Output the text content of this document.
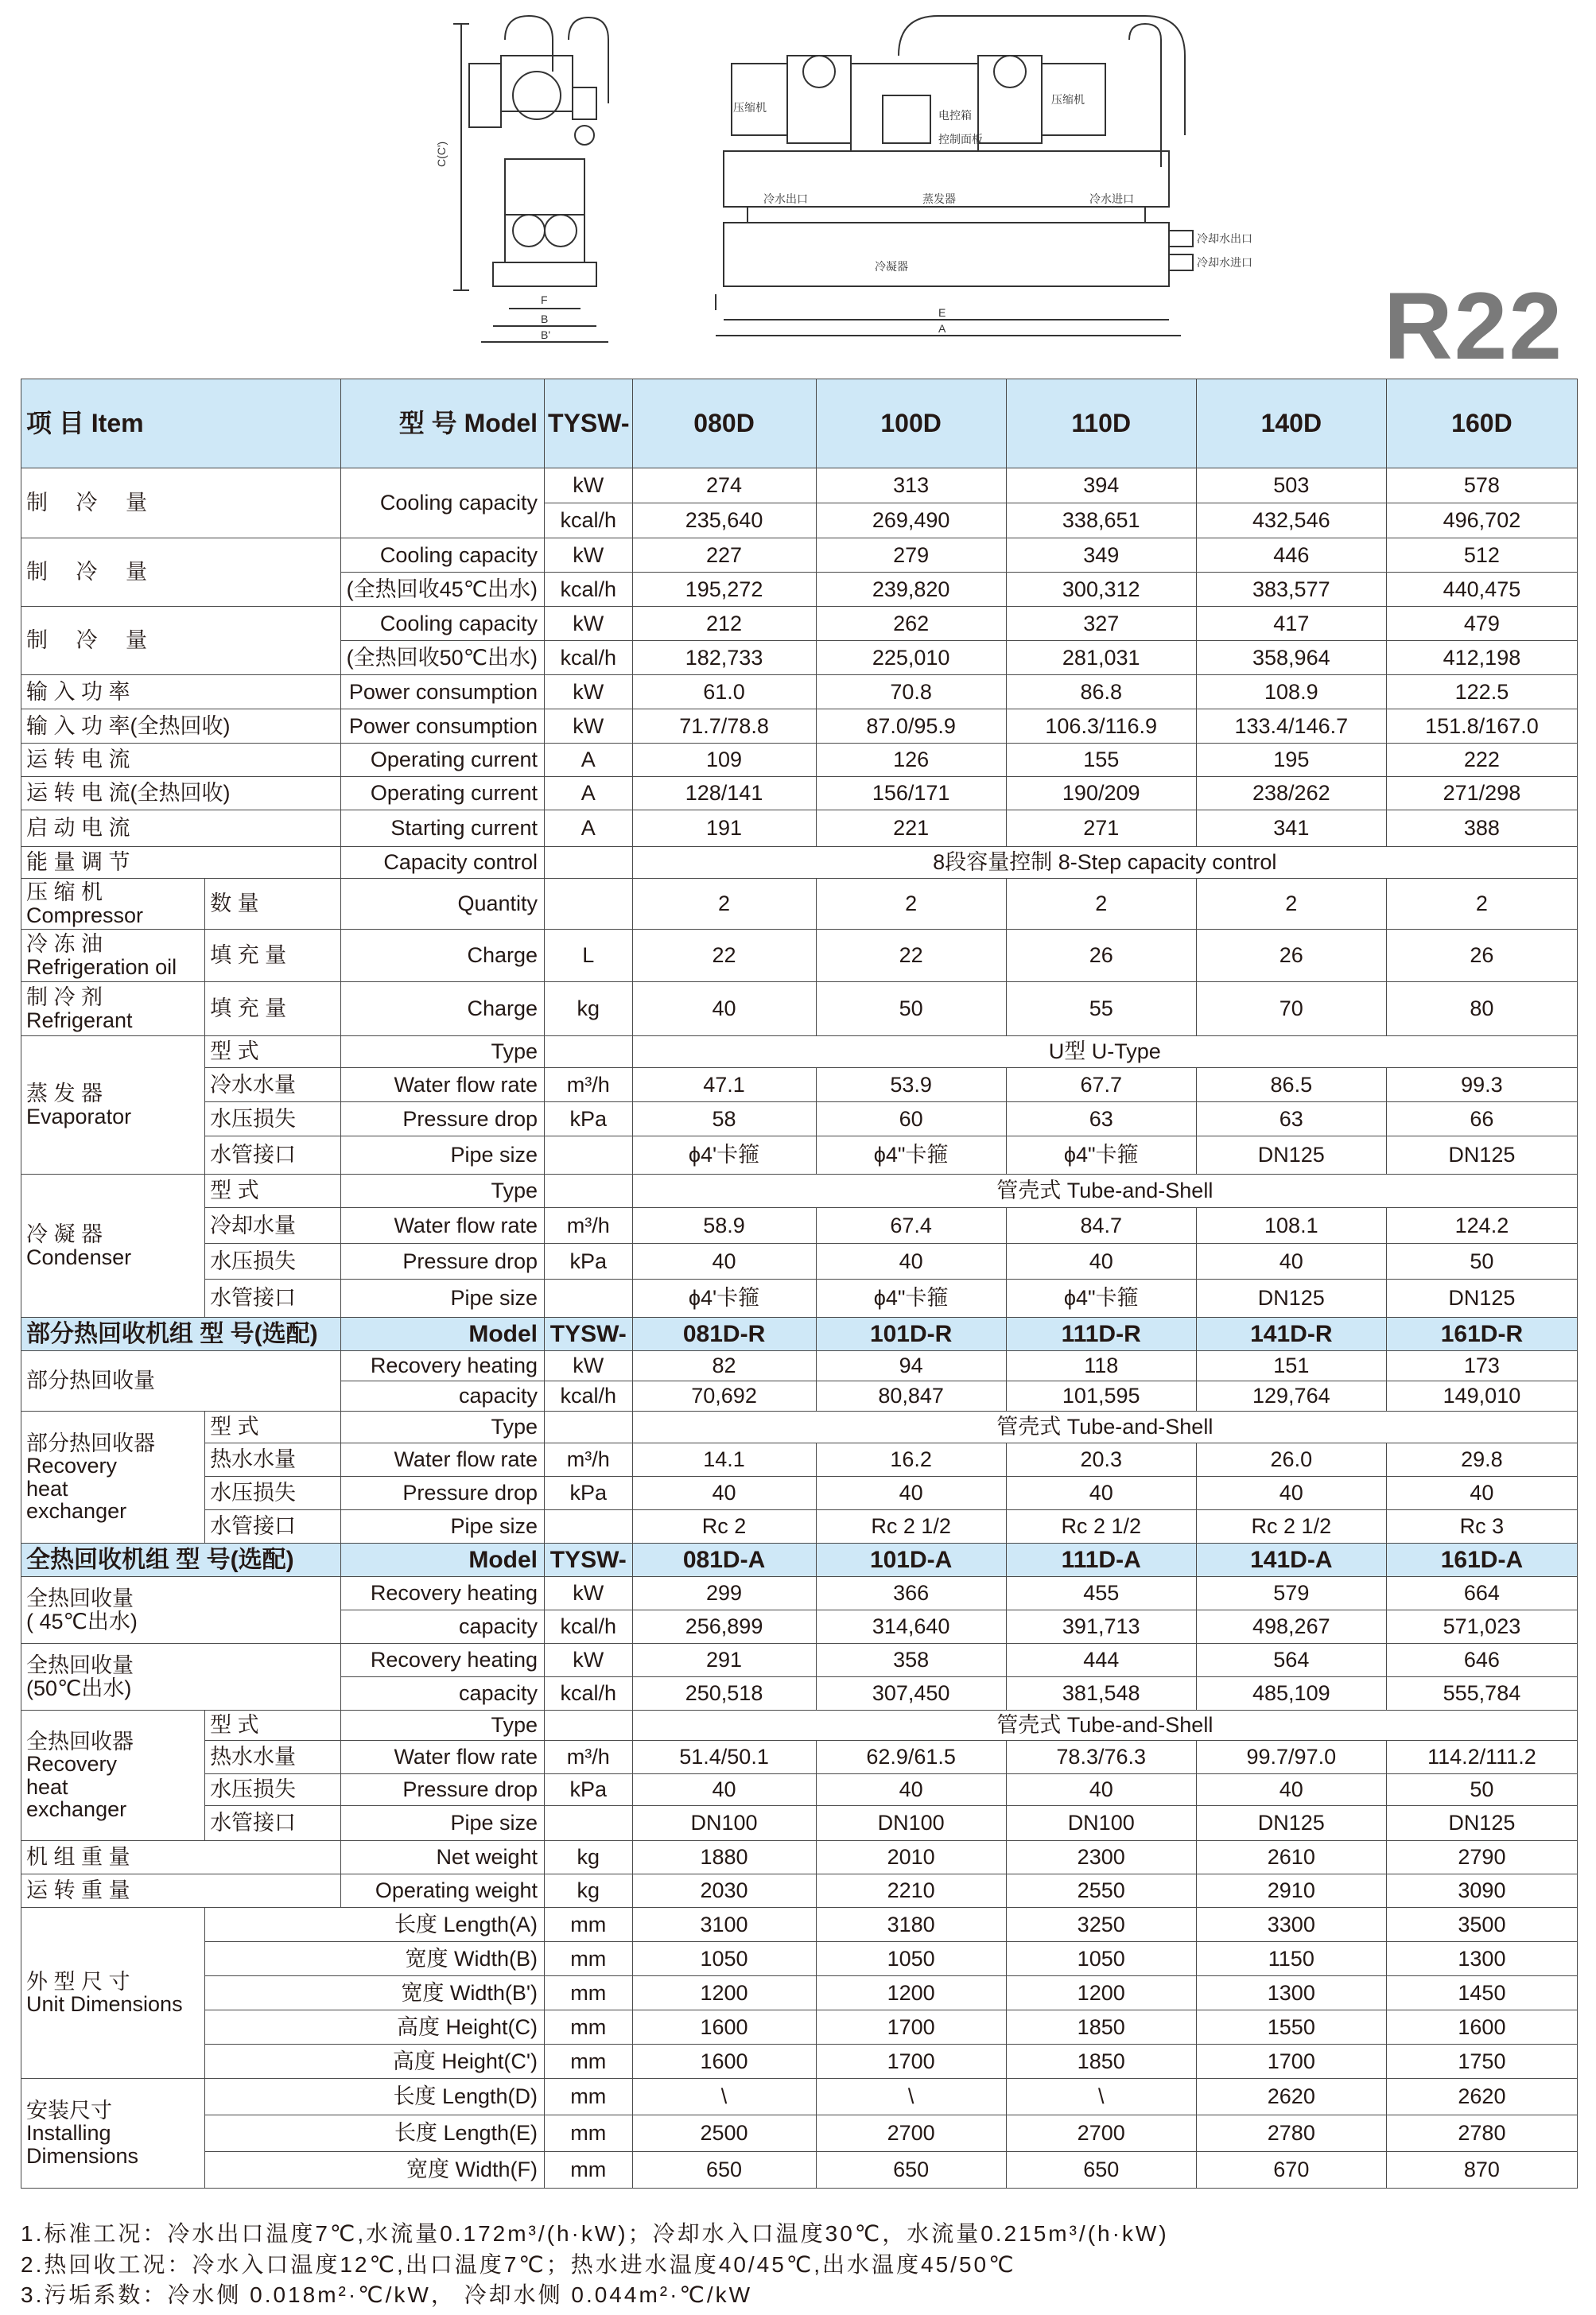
C(C')
F
B
B'
压缩机
电控箱
控制面板
压缩机
冷水出口	蒸发器	冷水进口
冷凝器
冷却水出口
冷却水进口
E
A	R22
项 目 Item		型 号 Model	TYSW-	080D	100D	110D	140D	160D
制 冷 量		Cooling capacity	kW	274	313	394	503	578
			kcal/h	235,640	269,490	338,651	432,546	496,702
制 冷 量		Cooling capacity	kW	227	279	349	446	512
		(全热回收45℃出水)	kcal/h	195,272	239,820	300,312	383,577	440,475
制 冷 量		Cooling capacity	kW	212	262	327	417	479
		(全热回收50℃出水)	kcal/h	182,733	225,010	281,031	358,964	412,198
输 入 功 率		Power consumption	kW	61.0	70.8	86.8	108.9	122.5
输 入 功 率(全热回收)		Power consumption	kW	71.7/78.8	87.0/95.9	106.3/116.9	133.4/146.7	151.8/167.0
运 转 电 流		Operating current	A	109	126	155	195	222
运 转 电 流(全热回收)		Operating current	A	128/141	156/171	190/209	238/262	271/298
启 动 电 流		Starting current	A	191	221	271	341	388
能 量 调 节		Capacity control		8段容量控制 8-Step capacity control				

压 缩 机
Compressor	数 量	Quantity		2	2	2	2	2

冷 冻 油
Refrigeration oil	填 充 量	Charge	L	22	22	26	26	26

制 冷 剂
Refrigerant	填 充 量	Charge	kg	40	50	55	70	80

蒸 发 器
Evaporator	型 式	Type		U型 U-Type				
	冷水水量	Water flow rate	m³/h	47.1	53.9	67.7	86.5	99.3
	水压损失	Pressure drop	kPa	58	60	63	63	66
	水管接口	Pipe size		ϕ4'卡箍	ϕ4"卡箍	ϕ4"卡箍	DN125	DN125

冷 凝 器
Condenser	型 式	Type		管壳式 Tube-and-Shell				
	冷却水量	Water flow rate	m³/h	58.9	67.4	84.7	108.1	124.2
	水压损失	Pressure drop	kPa	40	40	40	40	50
	水管接口	Pipe size		ϕ4'卡箍	ϕ4"卡箍	ϕ4"卡箍	DN125	DN125
部分热回收机组 型 号(选配)		Model	TYSW-	081D-R	101D-R	111D-R	141D-R	161D-R
部分热回收量		Recovery heating	kW	82	94	118	151	173
		capacity	kcal/h	70,692	80,847	101,595	129,764	149,010

部分热回收器
Recovery
heat
exchanger	型 式	Type		管壳式 Tube-and-Shell				
	热水水量	Water flow rate	m³/h	14.1	16.2	20.3	26.0	29.8
	水压损失	Pressure drop	kPa	40	40	40	40	40
	水管接口	Pipe size		Rc 2	Rc 2 1/2	Rc 2 1/2	Rc 2 1/2	Rc 3
全热回收机组 型 号(选配)		Model	TYSW-	081D-A	101D-A	111D-A	141D-A	161D-A

全热回收量
( 45℃出水)		Recovery heating	kW	299	366	455	579	664
		capacity	kcal/h	256,899	314,640	391,713	498,267	571,023

全热回收量
(50℃出水)		Recovery heating	kW	291	358	444	564	646
		capacity	kcal/h	250,518	307,450	381,548	485,109	555,784

全热回收器
Recovery
heat
exchanger	型 式	Type		管壳式 Tube-and-Shell				
	热水水量	Water flow rate	m³/h	51.4/50.1	62.9/61.5	78.3/76.3	99.7/97.0	114.2/111.2
	水压损失	Pressure drop	kPa	40	40	40	40	50
	水管接口	Pipe size		DN100	DN100	DN100	DN125	DN125
机 组 重 量		Net weight	kg	1880	2010	2300	2610	2790
运 转 重 量		Operating weight	kg	2030	2210	2550	2910	3090

外 型 尺 寸
Unit Dimensions	长度 Length(A)		mm	3100	3180	3250	3300	3500
	宽度 Width(B)		mm	1050	1050	1050	1150	1300
	宽度 Width(B')		mm	1200	1200	1200	1300	1450
	高度 Height(C)		mm	1600	1700	1850	1550	1600
	高度 Height(C')		mm	1600	1700	1850	1700	1750

安装尺寸
Installing Dimensions	长度 Length(D)		mm	\	\	\	2620	2620
	长度 Length(E)		mm	2500	2700	2700	2780	2780
	宽度 Width(F)		mm	650	650	650	670	870
1.标准工况：冷水出口温度7℃,水流量0.172m³/(h·kW)；冷却水入口温度30℃，水流量0.215m³/(h·kW)
2.热回收工况：冷水入口温度12℃,出口温度7℃；热水进水温度40/45℃,出水温度45/50℃
3.污垢系数：冷水侧 0.018m²·℃/kW， 冷却水侧 0.044m²·℃/kW
